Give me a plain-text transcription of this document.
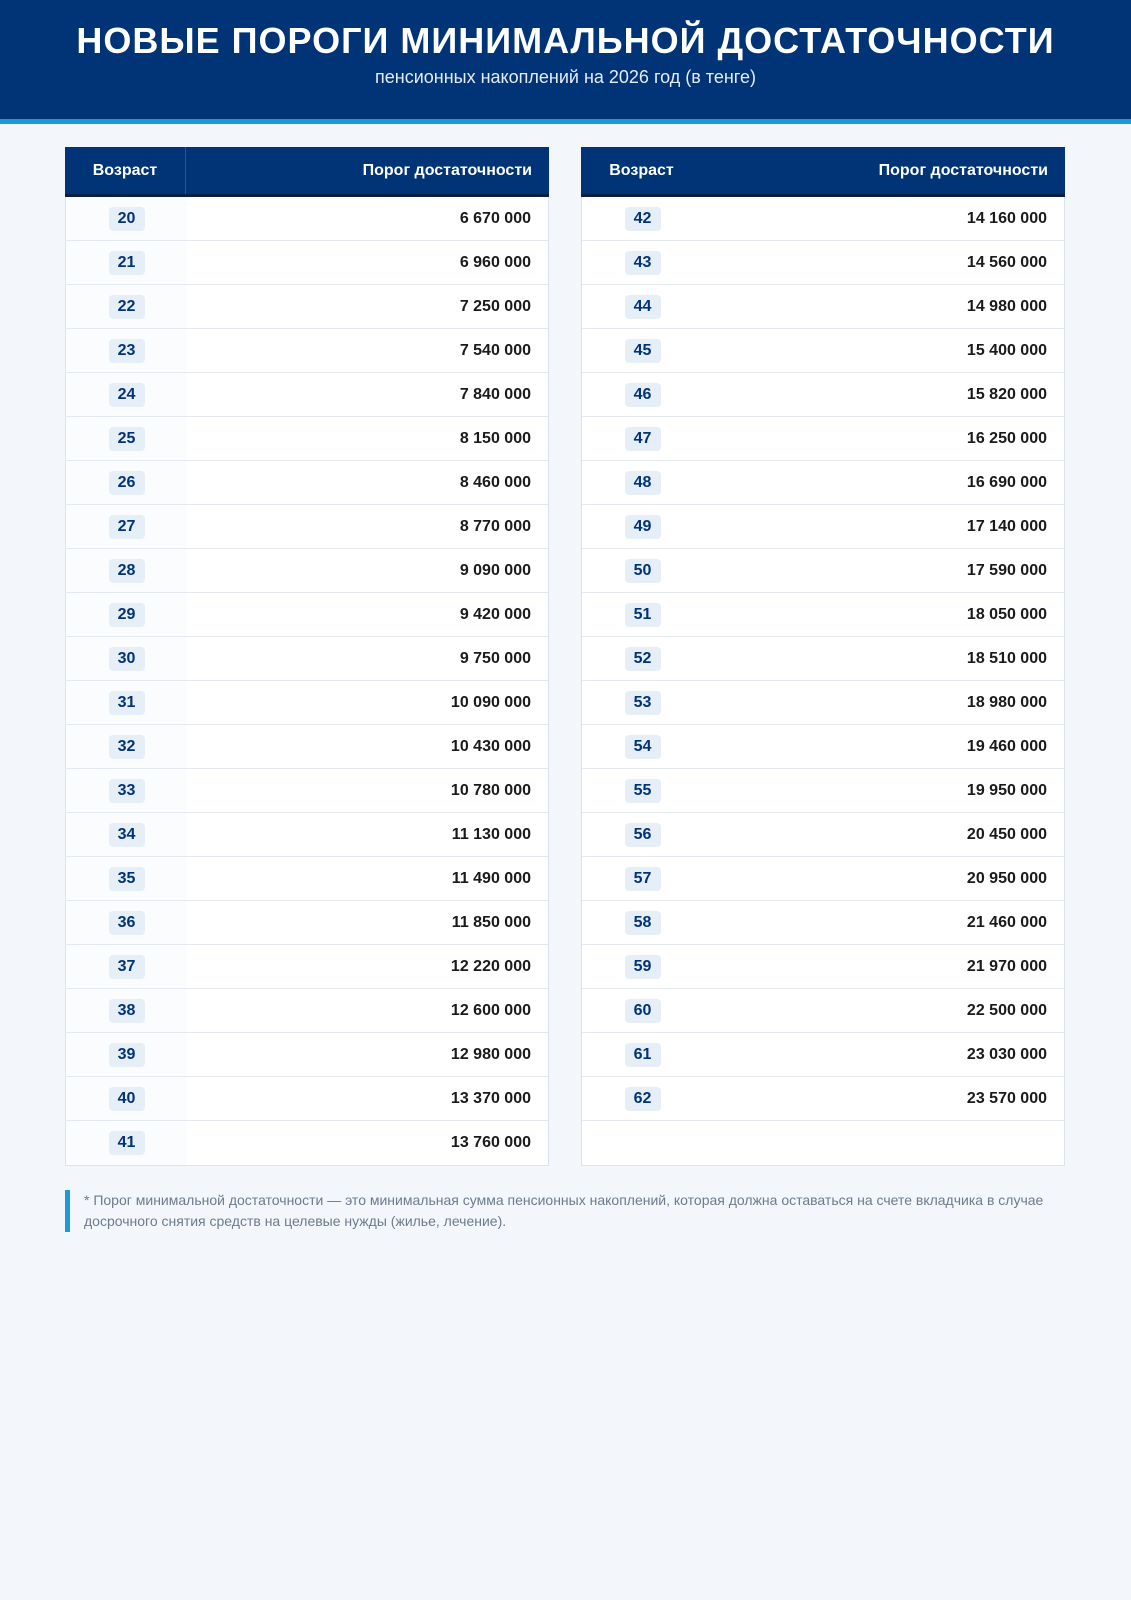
НОВЫЕ ПОРОГИ МИНИМАЛЬНОЙ ДОСТАТОЧНОСТИ
пенсионных накоплений на 2026 год (в тенге)
Возраст	Порог достаточности
20	6 670 000
21	6 960 000
22	7 250 000
23	7 540 000
24	7 840 000
25	8 150 000
26	8 460 000
27	8 770 000
28	9 090 000
29	9 420 000
30	9 750 000
31	10 090 000
32	10 430 000
33	10 780 000
34	11 130 000
35	11 490 000
36	11 850 000
37	12 220 000
38	12 600 000
39	12 980 000
40	13 370 000
41	13 760 000
Возраст	Порог достаточности
42	14 160 000
43	14 560 000
44	14 980 000
45	15 400 000
46	15 820 000
47	16 250 000
48	16 690 000
49	17 140 000
50	17 590 000
51	18 050 000
52	18 510 000
53	18 980 000
54	19 460 000
55	19 950 000
56	20 450 000
57	20 950 000
58	21 460 000
59	21 970 000
60	22 500 000
61	23 030 000
62	23 570 000
* Порог минимальной достаточности — это минимальная сумма пенсионных накоплений, которая должна оставаться на счете вкладчика в случае досрочного снятия средств на целевые нужды (жилье, лечение).
